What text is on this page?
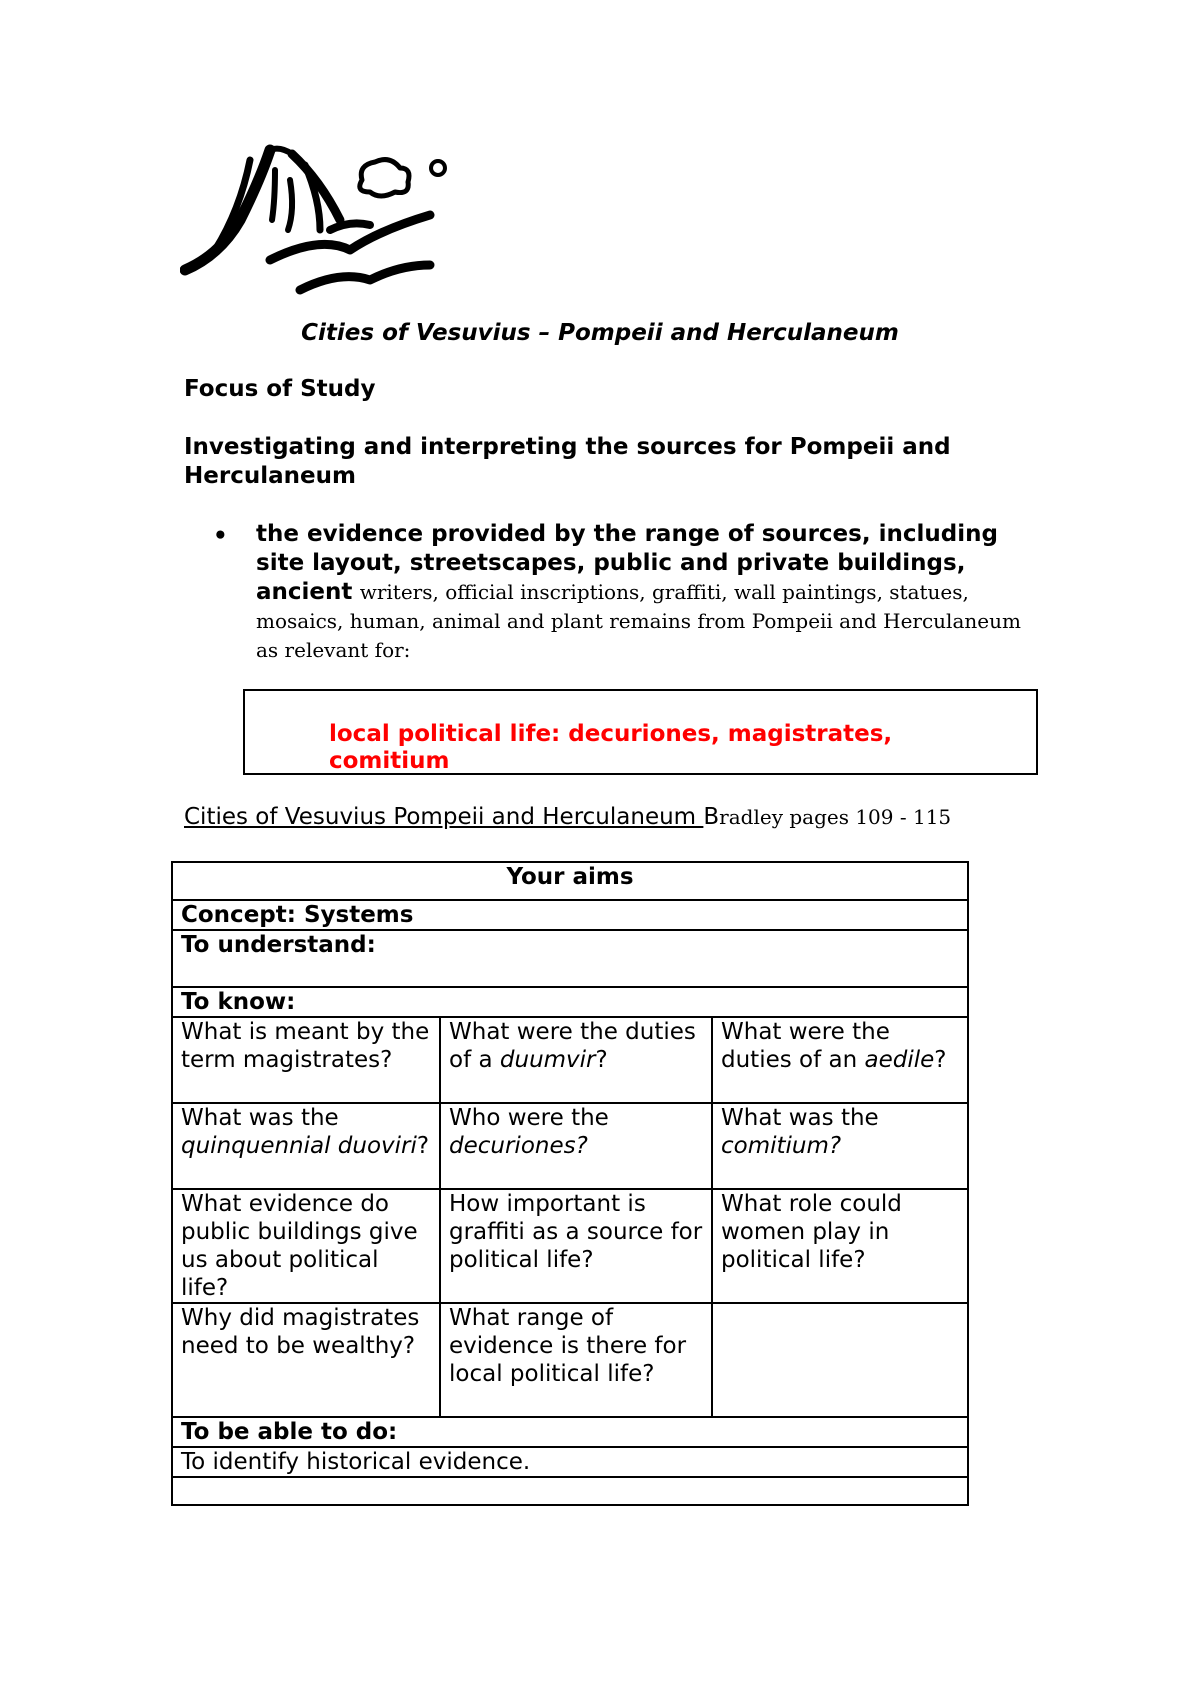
Cities of Vesuvius – Pompeii and Herculaneum
Focus of Study
Investigating and interpreting the sources for Pompeii and Herculaneum
• the evidence provided by the range of sources, including site layout, streetscapes, public and private buildings, ancient writers, official inscriptions, graffiti, wall paintings, statues, mosaics, human, animal and plant remains from Pompeii and Herculaneum as relevant for:
local political life: decuriones, magistrates, comitium
Cities of Vesuvius Pompeii and Herculaneum Bradley pages 109 - 115
Your aims		
Concept: Systems		
To understand:		
To know:		
What is meant by the term magistrates?	What were the duties of a duumvir?	What were the duties of an aedile?
What was the quinquennial duoviri?	Who were the decuriones?	What was the comitium?
What evidence do public buildings give us about political life?	How important is graffiti as a source for political life?	What role could women play in political life?
Why did magistrates need to be wealthy?	What range of evidence is there for local political life?	
To be able to do:		
To identify historical evidence.		
